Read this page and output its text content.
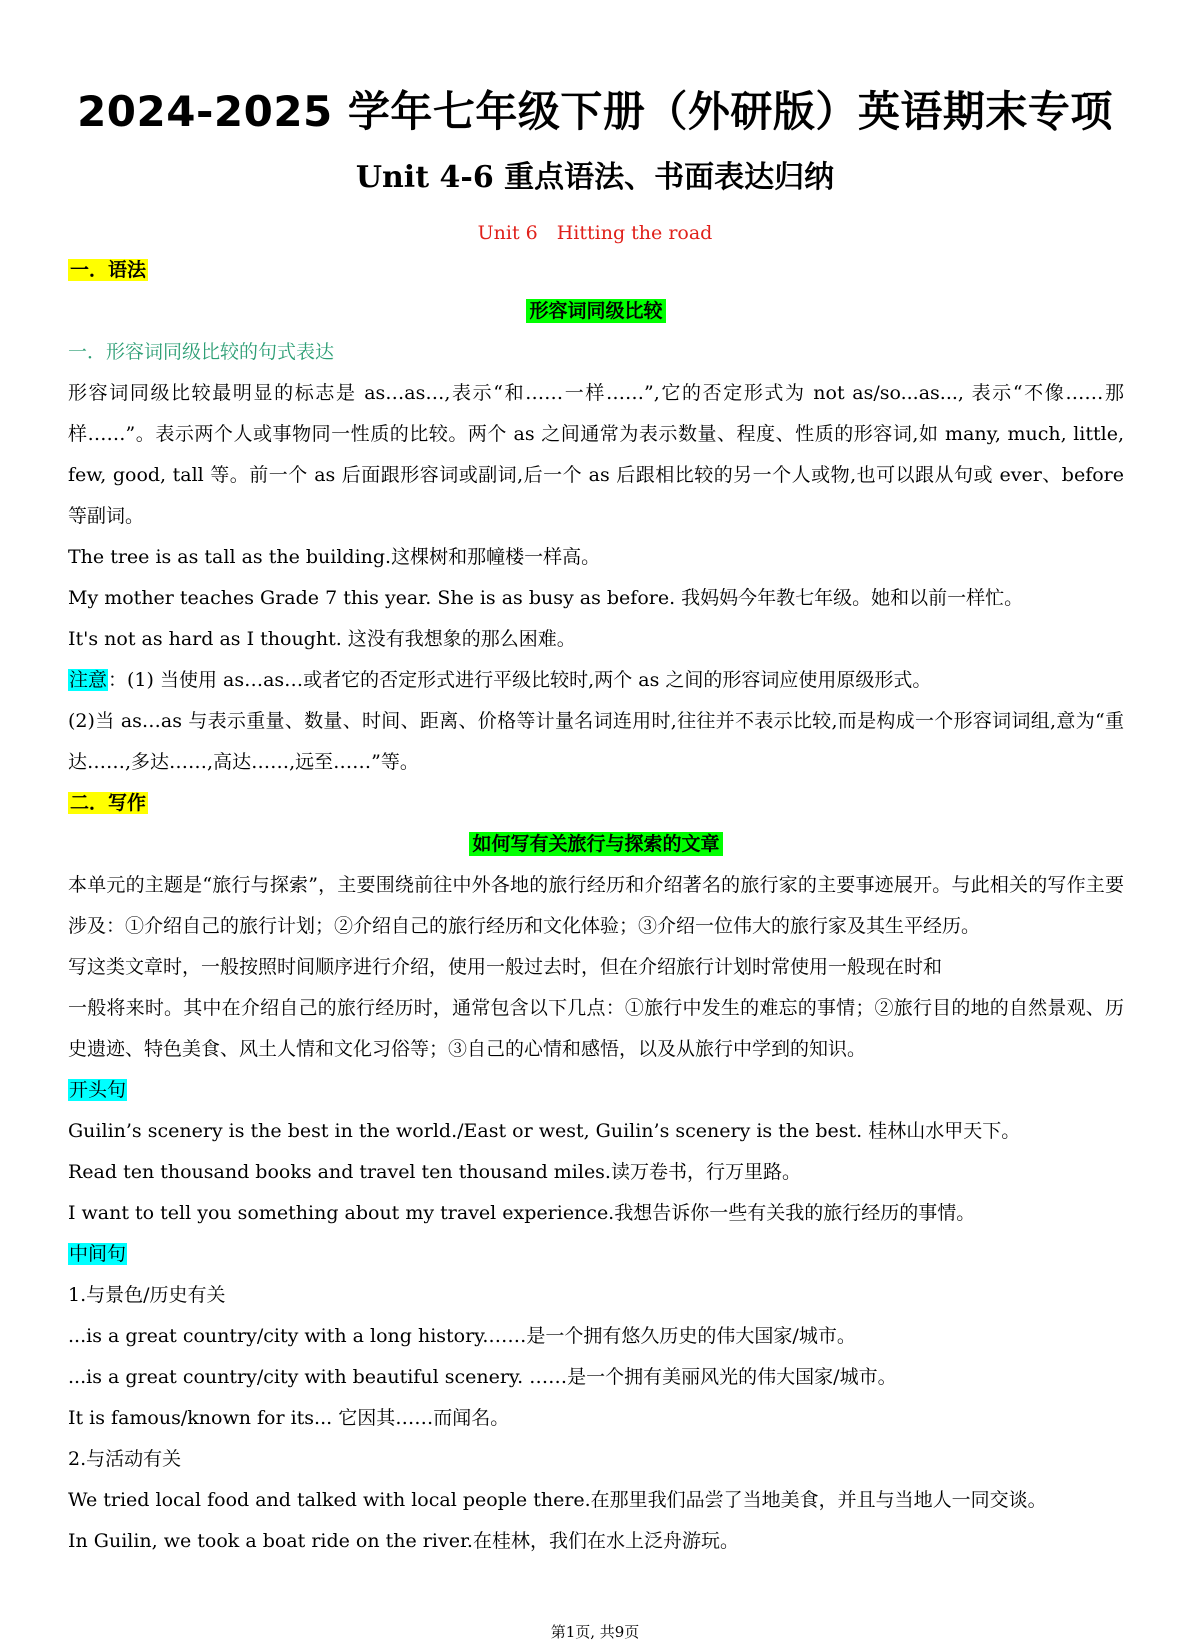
2024-2025 学年七年级下册（外研版）英语期末专项
Unit 4-6 重点语法、书面表达归纳
Unit 6　Hitting the road

一．语法

形容词同级比较

一．形容词同级比较的句式表达

形容词同级比较最明显的标志是 as…as…,表示“和……一样……”,它的否定形式为 not as/so...as..., 表示“不像……那样……”。表示两个人或事物同一性质的比较。两个 as 之间通常为表示数量、程度、性质的形容词,如 many, much, little, few, good, tall 等。前一个 as 后面跟形容词或副词,后一个 as 后跟相比较的另一个人或物,也可以跟从句或 ever、before 等副词。

The tree is as tall as the building.这棵树和那幢楼一样高。

My mother teaches Grade 7 this year. She is as busy as before. 我妈妈今年教七年级。她和以前一样忙。

It's not as hard as I thought. 这没有我想象的那么困难。

注意：(1) 当使用 as…as…或者它的否定形式进行平级比较时,两个 as 之间的形容词应使用原级形式。

(2)当 as…as 与表示重量、数量、时间、距离、价格等计量名词连用时,往往并不表示比较,而是构成一个形容词词组,意为“重达……,多达……,高达……,远至……”等。

二．写作

如何写有关旅行与探索的文章

本单元的主题是“旅行与探索”，主要围绕前往中外各地的旅行经历和介绍著名的旅行家的主要事迹展开。与此相关的写作主要涉及：①介绍自己的旅行计划；②介绍自己的旅行经历和文化体验；③介绍一位伟大的旅行家及其生平经历。

写这类文章时，一般按照时间顺序进行介绍，使用一般过去时，但在介绍旅行计划时常使用一般现在时和

一般将来时。其中在介绍自己的旅行经历时，通常包含以下几点：①旅行中发生的难忘的事情；②旅行目的地的自然景观、历史遗迹、特色美食、风土人情和文化习俗等；③自己的心情和感悟，以及从旅行中学到的知识。

开头句

Guilin’s scenery is the best in the world./East or west, Guilin’s scenery is the best. 桂林山水甲天下。

Read ten thousand books and travel ten thousand miles.读万卷书，行万里路。

I want to tell you something about my travel experience.我想告诉你一些有关我的旅行经历的事情。

中间句

1.与景色/历史有关

...is a great country/city with a long history.……是一个拥有悠久历史的伟大国家/城市。

...is a great country/city with beautiful scenery. ……是一个拥有美丽风光的伟大国家/城市。

It is famous/known for its... 它因其……而闻名。

2.与活动有关

We tried local food and talked with local people there.在那里我们品尝了当地美食，并且与当地人一同交谈。

In Guilin, we took a boat ride on the river.在桂林，我们在水上泛舟游玩。

第1页, 共9页
